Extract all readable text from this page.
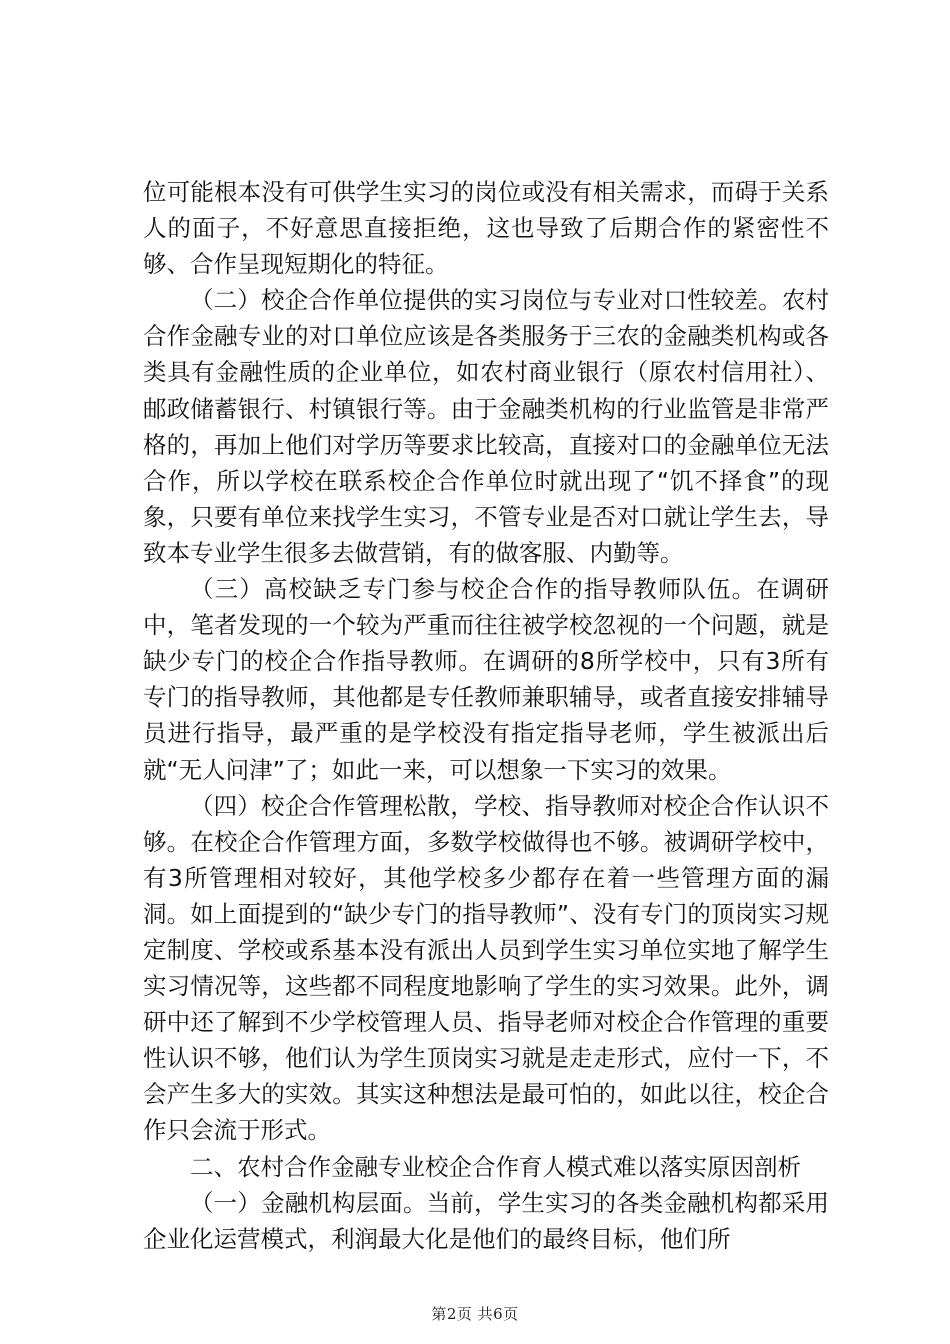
位可能根本没有可供学生实习的岗位或没有相关需求，而碍于关系人的面子，不好意思直接拒绝，这也导致了后期合作的紧密性不够、合作呈现短期化的特征。

（二）校企合作单位提供的实习岗位与专业对口性较差。农村合作金融专业的对口单位应该是各类服务于三农的金融类机构或各类具有金融性质的企业单位，如农村商业银行（原农村信用社）、邮政储蓄银行、村镇银行等。由于金融类机构的行业监管是非常严格的，再加上他们对学历等要求比较高，直接对口的金融单位无法合作，所以学校在联系校企合作单位时就出现了“饥不择食”的现象，只要有单位来找学生实习，不管专业是否对口就让学生去，导致本专业学生很多去做营销，有的做客服、内勤等。

（三）高校缺乏专门参与校企合作的指导教师队伍。在调研中，笔者发现的一个较为严重而往往被学校忽视的一个问题，就是缺少专门的校企合作指导教师。在调研的8所学校中，只有3所有专门的指导教师，其他都是专任教师兼职辅导，或者直接安排辅导员进行指导，最严重的是学校没有指定指导老师，学生被派出后就“无人问津”了；如此一来，可以想象一下实习的效果。

（四）校企合作管理松散，学校、指导教师对校企合作认识不够。在校企合作管理方面，多数学校做得也不够。被调研学校中，有3所管理相对较好，其他学校多少都存在着一些管理方面的漏洞。如上面提到的“缺少专门的指导教师”、没有专门的顶岗实习规定制度、学校或系基本没有派出人员到学生实习单位实地了解学生实习情况等，这些都不同程度地影响了学生的实习效果。此外，调研中还了解到不少学校管理人员、指导老师对校企合作管理的重要性认识不够，他们认为学生顶岗实习就是走走形式，应付一下，不会产生多大的实效。其实这种想法是最可怕的，如此以往，校企合作只会流于形式。

二、农村合作金融专业校企合作育人模式难以落实原因剖析

（一）金融机构层面。当前，学生实习的各类金融机构都采用企业化运营模式，利润最大化是他们的最终目标，他们所

第2页 共6页
